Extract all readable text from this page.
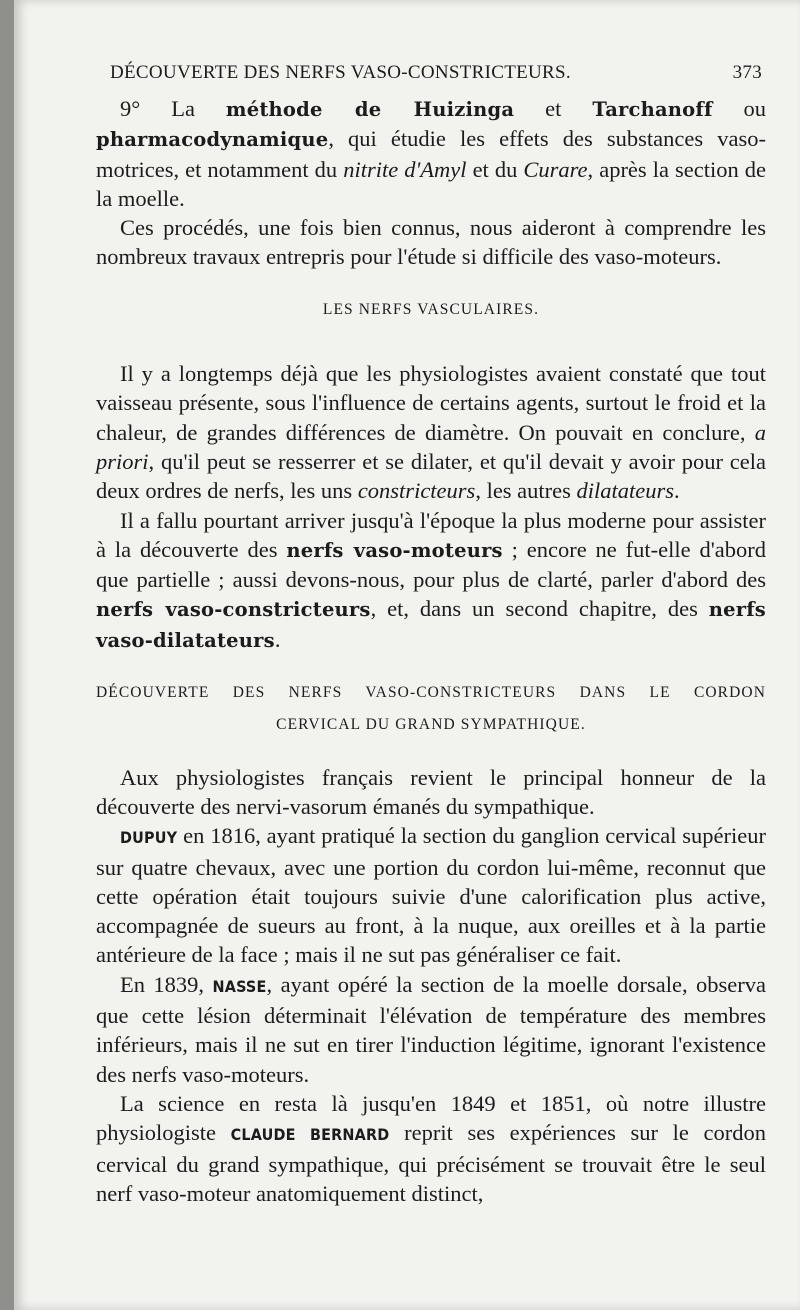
DÉCOUVERTE DES NERFS VASO-CONSTRICTEURS.	373

9° La méthode de Huizinga et Tarchanoff ou pharmacodynamique, qui étudie les effets des substances vaso-motrices, et notamment du nitrite d'Amyl et du Curare, après la section de la moelle.

Ces procédés, une fois bien connus, nous aideront à comprendre les nombreux travaux entrepris pour l'étude si difficile des vaso-moteurs.

LES NERFS VASCULAIRES.

Il y a longtemps déjà que les physiologistes avaient constaté que tout vaisseau présente, sous l'influence de certains agents, surtout le froid et la chaleur, de grandes différences de diamètre. On pouvait en conclure, a priori, qu'il peut se resserrer et se dilater, et qu'il devait y avoir pour cela deux ordres de nerfs, les uns constricteurs, les autres dilatateurs.

Il a fallu pourtant arriver jusqu'à l'époque la plus moderne pour assister à la découverte des nerfs vaso-moteurs ; encore ne fut-elle d'abord que partielle ; aussi devons-nous, pour plus de clarté, parler d'abord des nerfs vaso-constricteurs, et, dans un second chapitre, des nerfs vaso-dilatateurs.

DÉCOUVERTE DES NERFS VASO-CONSTRICTEURS DANS LE CORDON
CERVICAL DU GRAND SYMPATHIQUE.

Aux physiologistes français revient le principal honneur de la découverte des nervi-vasorum émanés du sympathique.

DUPUY en 1816, ayant pratiqué la section du ganglion cervical supérieur sur quatre chevaux, avec une portion du cordon lui-même, reconnut que cette opération était toujours suivie d'une calorification plus active, accompagnée de sueurs au front, à la nuque, aux oreilles et à la partie antérieure de la face ; mais il ne sut pas généraliser ce fait.

En 1839, NASSE, ayant opéré la section de la moelle dorsale, observa que cette lésion déterminait l'élévation de température des membres inférieurs, mais il ne sut en tirer l'induction légitime, ignorant l'existence des nerfs vaso-moteurs.

La science en resta là jusqu'en 1849 et 1851, où notre illustre physiologiste CLAUDE BERNARD reprit ses expériences sur le cordon cervical du grand sympathique, qui précisément se trouvait être le seul nerf vaso-moteur anatomiquement distinct,
